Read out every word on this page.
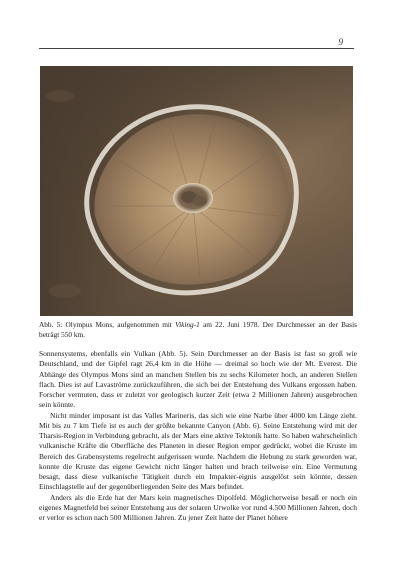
9
Abb. 5: Olympus Mons, aufgenommen mit Viking-1 am 22. Juni 1978. Der Durchmesser an der Basis beträgt 550 km.

Sonnensystems, ebenfalls ein Vulkan (Abb. 5). Sein Durchmesser an der Basis ist fast so groß wie Deutschland, und der Gipfel ragt 26,4 km in die Höhe — dreimal so hoch wie der Mt. Everest. Die Abhänge des Olympus Mons sind an manchen Stellen bis zu sechs Kilometer hoch, an anderen Stellen flach. Dies ist auf Lavaströme zurückzuführen, die sich bei der Entstehung des Vulkans ergossen haben. Forscher vermuten, dass er zuletzt vor geologisch kurzer Zeit (etwa 2 Millionen Jahren) ausgebrochen sein könnte.

Nicht minder imposant ist das Valles Marineris, das sich wie eine Narbe über 4000 km Länge zieht. Mit bis zu 7 km Tiefe ist es auch der größte bekannte Canyon (Abb. 6). Seine Entstehung wird mit der Tharsis-Region in Verbindung gebracht, als der Mars eine aktive Tektonik hatte. So haben wahrscheinlich vulkanische Kräfte die Oberfläche des Planeten in dieser Region empor gedrückt, wobei die Kruste im Bereich des Grabensystems regelrecht aufgerissen wurde. Nachdem die Hebung zu stark geworden war, konnte die Kruste das eigene Gewicht nicht länger halten und brach teilweise ein. Eine Vermutung besagt, dass diese vulkanische Tätigkeit durch ein Impakter-eignis ausgelöst sein könnte, dessen Einschlagstelle auf der gegenüberliegenden Seite des Mars befindet.

Anders als die Erde hat der Mars kein magnetisches Dipolfeld. Möglicherweise besaß er noch ein eigenes Magnetfeld bei seiner Entstehung aus der solaren Urwolke vor rund 4.500 Millionen Jahren, doch er verlor es schon nach 500 Millionen Jahren. Zu jener Zeit hatte der Planet höhere
